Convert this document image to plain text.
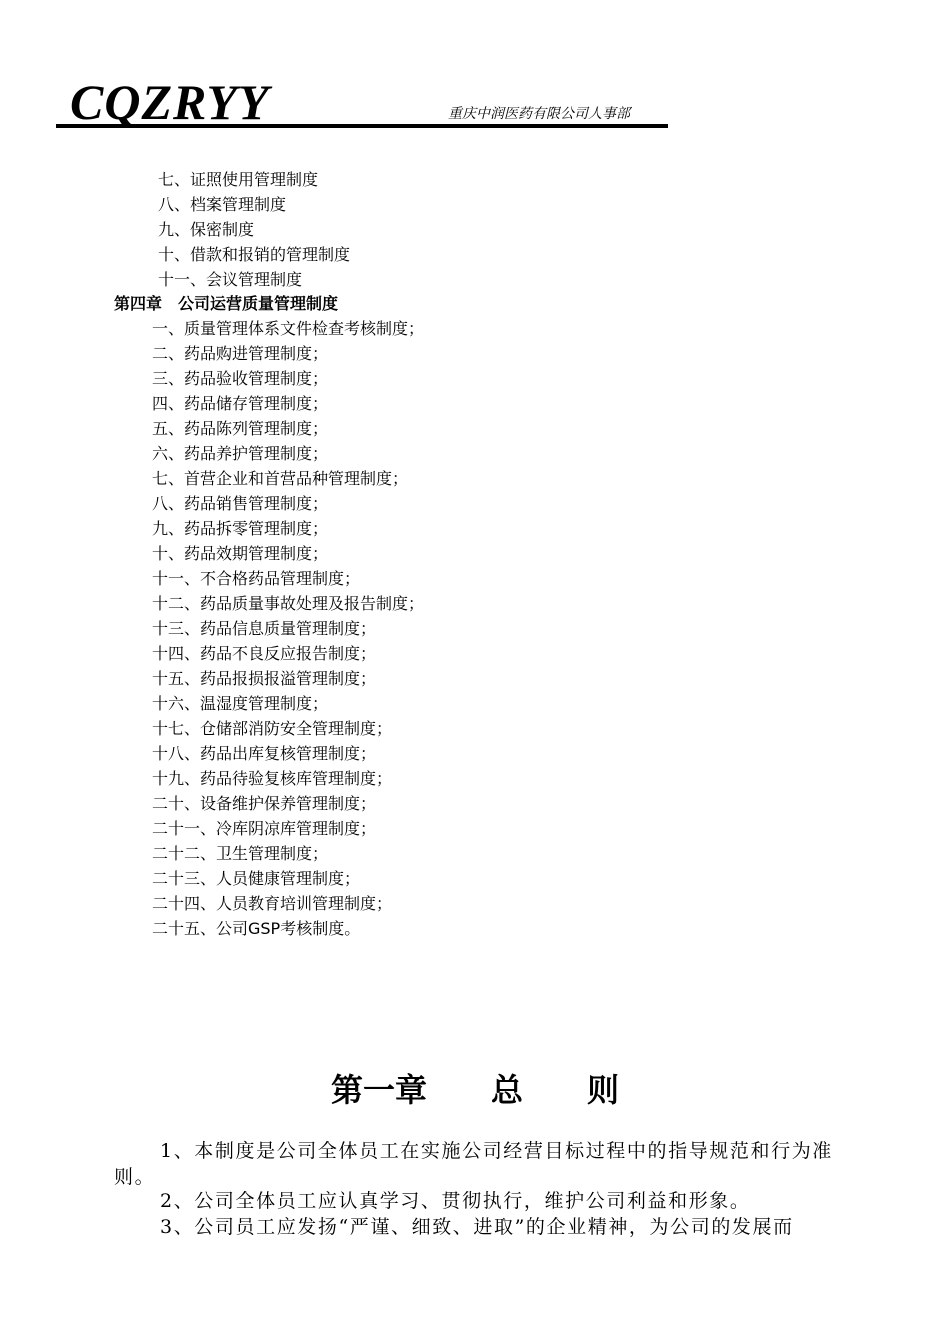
CQZRYY	重庆中润医药有限公司人事部
七、证照使用管理制度
八、档案管理制度
九、保密制度
十、借款和报销的管理制度
十一、会议管理制度
第四章　公司运营质量管理制度
一、质量管理体系文件检查考核制度；
二、药品购进管理制度；
三、药品验收管理制度；
四、药品储存管理制度；
五、药品陈列管理制度；
六、药品养护管理制度；
七、首营企业和首营品种管理制度；
八、药品销售管理制度；
九、药品拆零管理制度；
十、药品效期管理制度；
十一、不合格药品管理制度；
十二、药品质量事故处理及报告制度；
十三、药品信息质量管理制度；
十四、药品不良反应报告制度；
十五、药品报损报溢管理制度；
十六、温湿度管理制度；
十七、仓储部消防安全管理制度；
十八、药品出库复核管理制度；
十九、药品待验复核库管理制度；
二十、设备维护保养管理制度；
二十一、冷库阴凉库管理制度；
二十二、卫生管理制度；
二十三、人员健康管理制度；
二十四、人员教育培训管理制度；
二十五、公司GSP考核制度。
第一章　　总　　则
1、本制度是公司全体员工在实施公司经营目标过程中的指导规范和行为准则。
2、公司全体员工应认真学习、贯彻执行，维护公司利益和形象。
3、公司员工应发扬“严谨、细致、进取”的企业精神，为公司的发展而
